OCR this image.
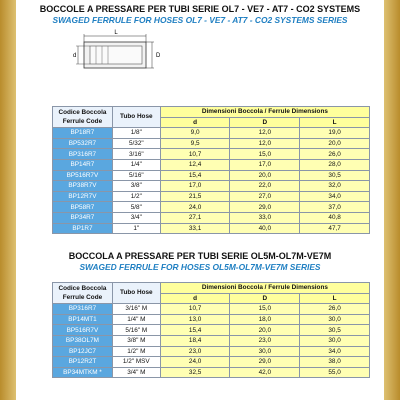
BOCCOLE A PRESSARE PER TUBI SERIE OL7 - VE7 - AT7 - CO2 SYSTEMS
SWAGED FERRULE FOR HOSES OL7 - VE7 - AT7 - CO2 SYSTEMS SERIES
L
D
d
Codice Boccola Ferrule Code	Tubo Hose	Dimensioni Boccola / Ferrule Dimensions		
		d	D	L
BP18R7	1/8"	9,0	12,0	19,0
BP532R7	5/32"	9,5	12,0	20,0
BP316R7	3/16"	10,7	15,0	26,0
BP14R7	1/4"	12,4	17,0	28,0
BP516R7V	5/16"	15,4	20,0	30,5
BP38R7V	3/8"	17,0	22,0	32,0
BP12R7V	1/2"	21,5	27,0	34,0
BP58R7	5/8"	24,0	29,0	37,0
BP34R7	3/4"	27,1	33,0	40,8
BP1R7	1"	33,1	40,0	47,7
BOCCOLA A PRESSARE PER TUBI SERIE OL5M-OL7M-VE7M
SWAGED FERRULE FOR HOSES OL5M-OL7M-VE7M SERIES
Codice Boccola Ferrule Code	Tubo Hose	Dimensioni Boccola / Ferrule Dimensions		
		d	D	L
BP316R7	3/16" M	10,7	15,0	26,0
BP14MT1	1/4" M	13,0	18,0	30,0
BP516R7V	5/16" M	15,4	20,0	30,5
BP38OL7M	3/8" M	18,4	23,0	30,0
BP12JC7	1/2" M	23,0	30,0	34,0
BP12R2T	1/2" MSV	24,0	29,0	38,0
BP34MTKM *	3/4" M	32,5	42,0	55,0
